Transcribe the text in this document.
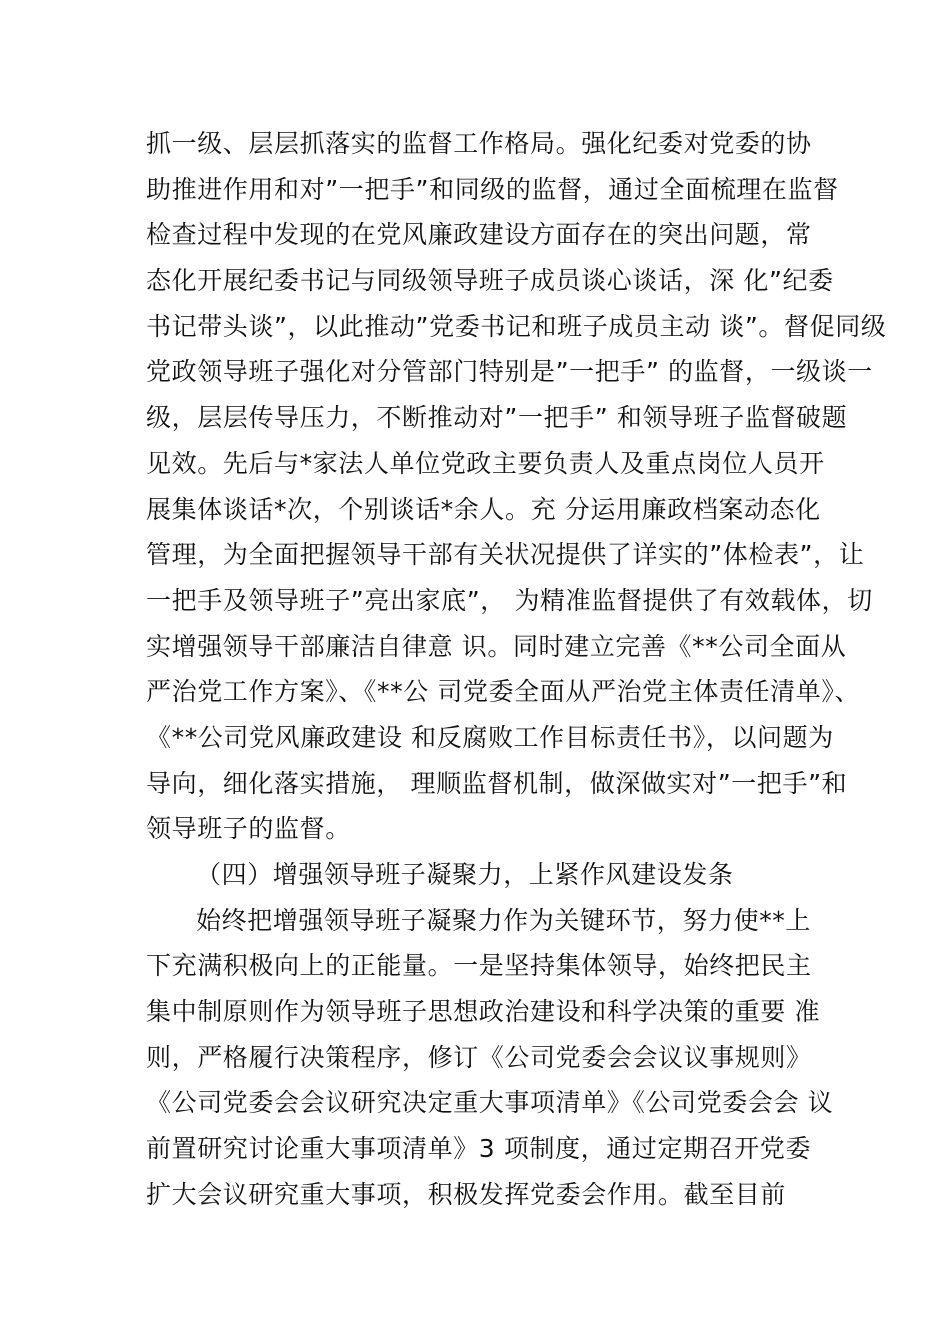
抓一级、层层抓落实的监督工作格局。强化纪委对党委的协
助推进作用和对”一把手”和同级的监督，通过全面梳理在监督
检查过程中发现的在党风廉政建设方面存在的突出问题，常
态化开展纪委书记与同级领导班子成员谈心谈话，深 化”纪委
书记带头谈”，以此推动”党委书记和班子成员主动 谈”。督促同级
党政领导班子强化对分管部门特别是”一把手” 的监督，一级谈一
级，层层传导压力，不断推动对”一把手” 和领导班子监督破题
见效。先后与*家法人单位党政主要负责人及重点岗位人员开
展集体谈话*次，个别谈话*余人。充 分运用廉政档案动态化
管理，为全面把握领导干部有关状况提供了详实的”体检表”，让
一把手及领导班子”亮出家底”， 为精准监督提供了有效载体，切
实增强领导干部廉洁自律意 识。同时建立完善《**公司全面从
严治党工作方案》、《**公 司党委全面从严治党主体责任清单》、
《**公司党风廉政建设 和反腐败工作目标责任书》，以问题为
导向，细化落实措施， 理顺监督机制，做深做实对”一把手”和
领导班子的监督。
（四）增强领导班子凝聚力，上紧作风建设发条
始终把增强领导班子凝聚力作为关键环节，努力使**上
下充满积极向上的正能量。一是坚持集体领导，始终把民主
集中制原则作为领导班子思想政治建设和科学决策的重要 准
则，严格履行决策程序，修订《公司党委会会议议事规则》
《公司党委会会议研究决定重大事项清单》《公司党委会会 议
前置研究讨论重大事项清单》3 项制度，通过定期召开党委
扩大会议研究重大事项，积极发挥党委会作用。截至目前
